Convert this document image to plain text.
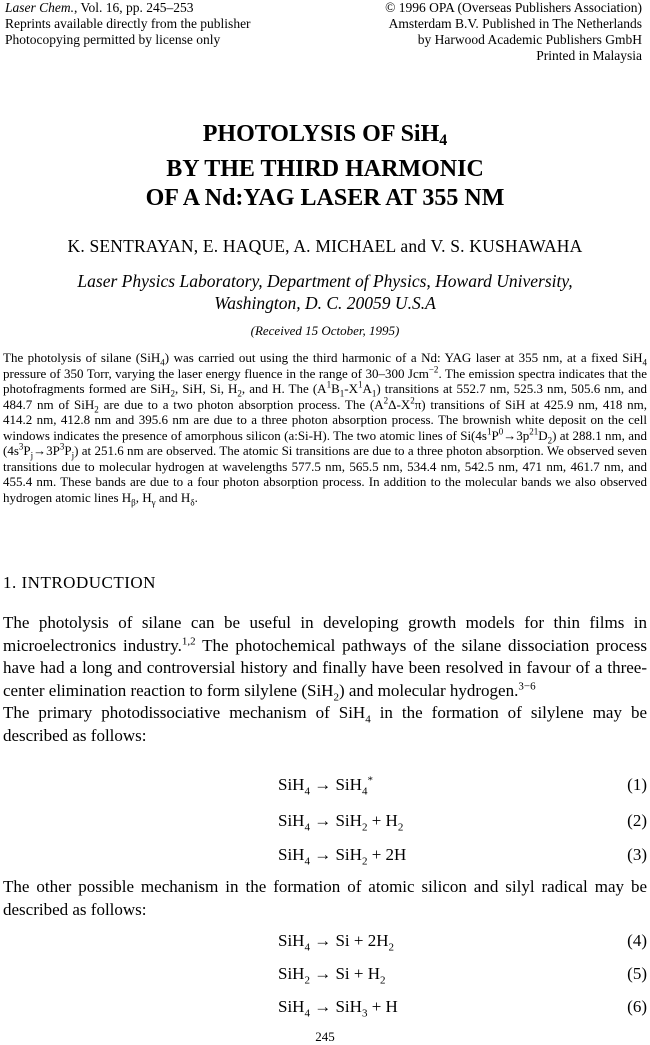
Laser Chem., Vol. 16, pp. 245–253
Reprints available directly from the publisher
Photocopying permitted by license only
© 1996 OPA (Overseas Publishers Association)
Amsterdam B.V. Published in The Netherlands
by Harwood Academic Publishers GmbH
Printed in Malaysia
PHOTOLYSIS OF SiH$_4$
BY THE THIRD HARMONIC
OF A Nd:YAG LASER AT 355 NM
K. SENTRAYAN, E. HAQUE, A. MICHAEL and V. S. KUSHAWAHA
Laser Physics Laboratory, Department of Physics, Howard University,
Washington, D. C. 20059 U.S.A
(Received 15 October, 1995)
The photolysis of silane (SiH$_4$) was carried out using the third harmonic of a Nd: YAG laser at 355 nm, at a fixed SiH$_4$ pressure of 350 Torr, varying the laser energy fluence in the range of 30–300 Jcm$^{-2}$. The emission spectra indicates that the photofragments formed are SiH$_2$, SiH, Si, $H_2$, and H. The $(A^1B_1-X^1A_1)$ transitions at 552.7 nm, 525.3 nm, 505.6 nm, and 484.7 nm of SiH$_2$ are due to a two photon absorption process. The $(A^2\Delta-X^2\pi)$ transitions of SiH at 425.9 nm, 418 nm, 414.2 nm, 412.8 nm and 395.6 nm are due to a three photon absorption process. The brownish white deposit on the cell windows indicates the presence of amorphous silicon (a:Si-H). The two atomic lines of $Si(4s^1P^0\to 3p^{21}D_2)$ at 288.1 nm, and $(4s^3P_j\to 3P^3P_j)$ at 251.6 nm are observed. The atomic Si transitions are due to a three photon absorption. We observed seven transitions due to molecular hydrogen at wavelengths 577.5 nm, 565.5 nm, 534.4 nm, 542.5 nm, 471 nm, 461.7 nm, and 455.4 nm. These bands are due to a four photon absorption process. In addition to the molecular bands we also observed hydrogen atomic lines $H_\beta$, $H_\gamma$ and $H_\delta$.
1. INTRODUCTION
The photolysis of silane can be useful in developing growth models for thin films in microelectronics industry.$^{1,2}$ The photochemical pathways of the silane dissociation process have had a long and controversial history and finally have been resolved in favour of a three-center elimination reaction to form silylene (SiH$_2$) and molecular hydrogen.$^{3-6}$
The primary photodissociative mechanism of SiH$_4$ in the formation of silylene may be described as follows:
SiH$_4$ → SiH$_4$*	(1)
$SiH_4 \to SiH_2 + H_2$	(2)
SiH$_4$ → SiH$_2$ + 2H	(3)
The other possible mechanism in the formation of atomic silicon and silyl radical may be described as follows:
$SiH_4 \to Si + 2H_2$	(4)
$SiH_2 \to Si + H_2$	(5)
SiH$_4$ → SiH$_3$ + H	(6)
245
